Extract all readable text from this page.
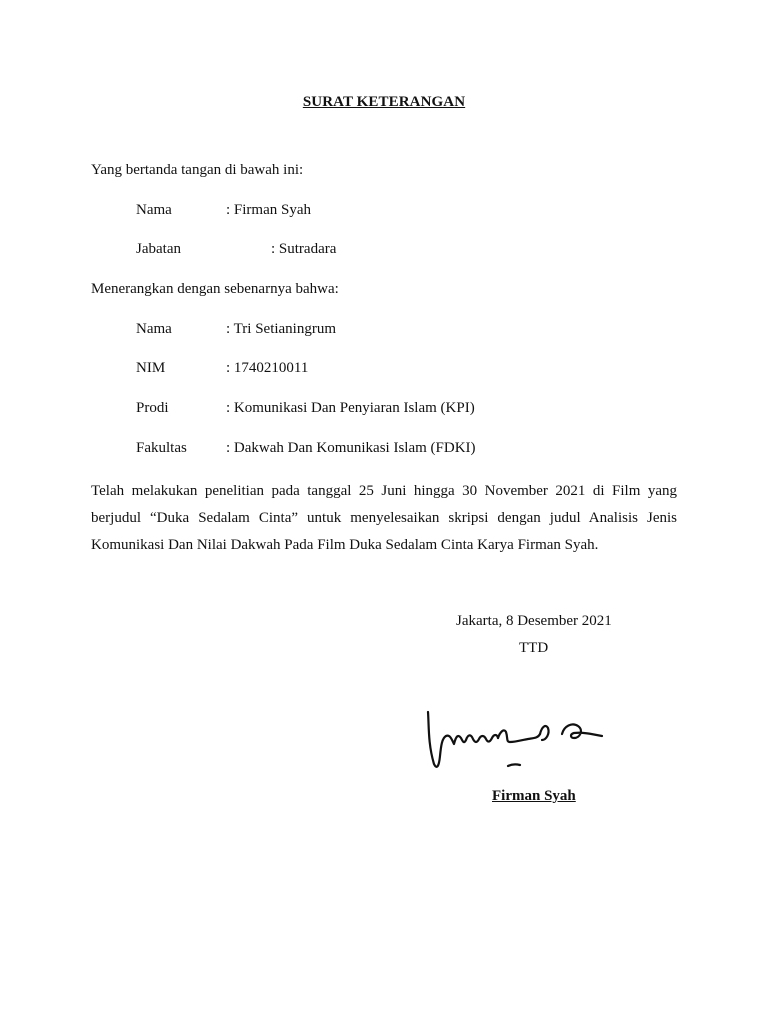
SURAT KETERANGAN
Yang bertanda tangan di bawah ini:
Nama	: Firman Syah
Jabatan	: Sutradara
Menerangkan dengan sebenarnya bahwa:
Nama	: Tri Setianingrum
NIM	: 1740210011
Prodi	: Komunikasi Dan Penyiaran Islam (KPI)
Fakultas	: Dakwah Dan Komunikasi Islam (FDKI)
Telah melakukan penelitian pada tanggal 25 Juni hingga 30 November 2021 di Film yang berjudul “Duka Sedalam Cinta” untuk menyelesaikan skripsi dengan judul Analisis Jenis Komunikasi Dan Nilai Dakwah Pada Film Duka Sedalam Cinta Karya Firman Syah.
Jakarta, 8 Desember 2021
TTD
Firman Syah
